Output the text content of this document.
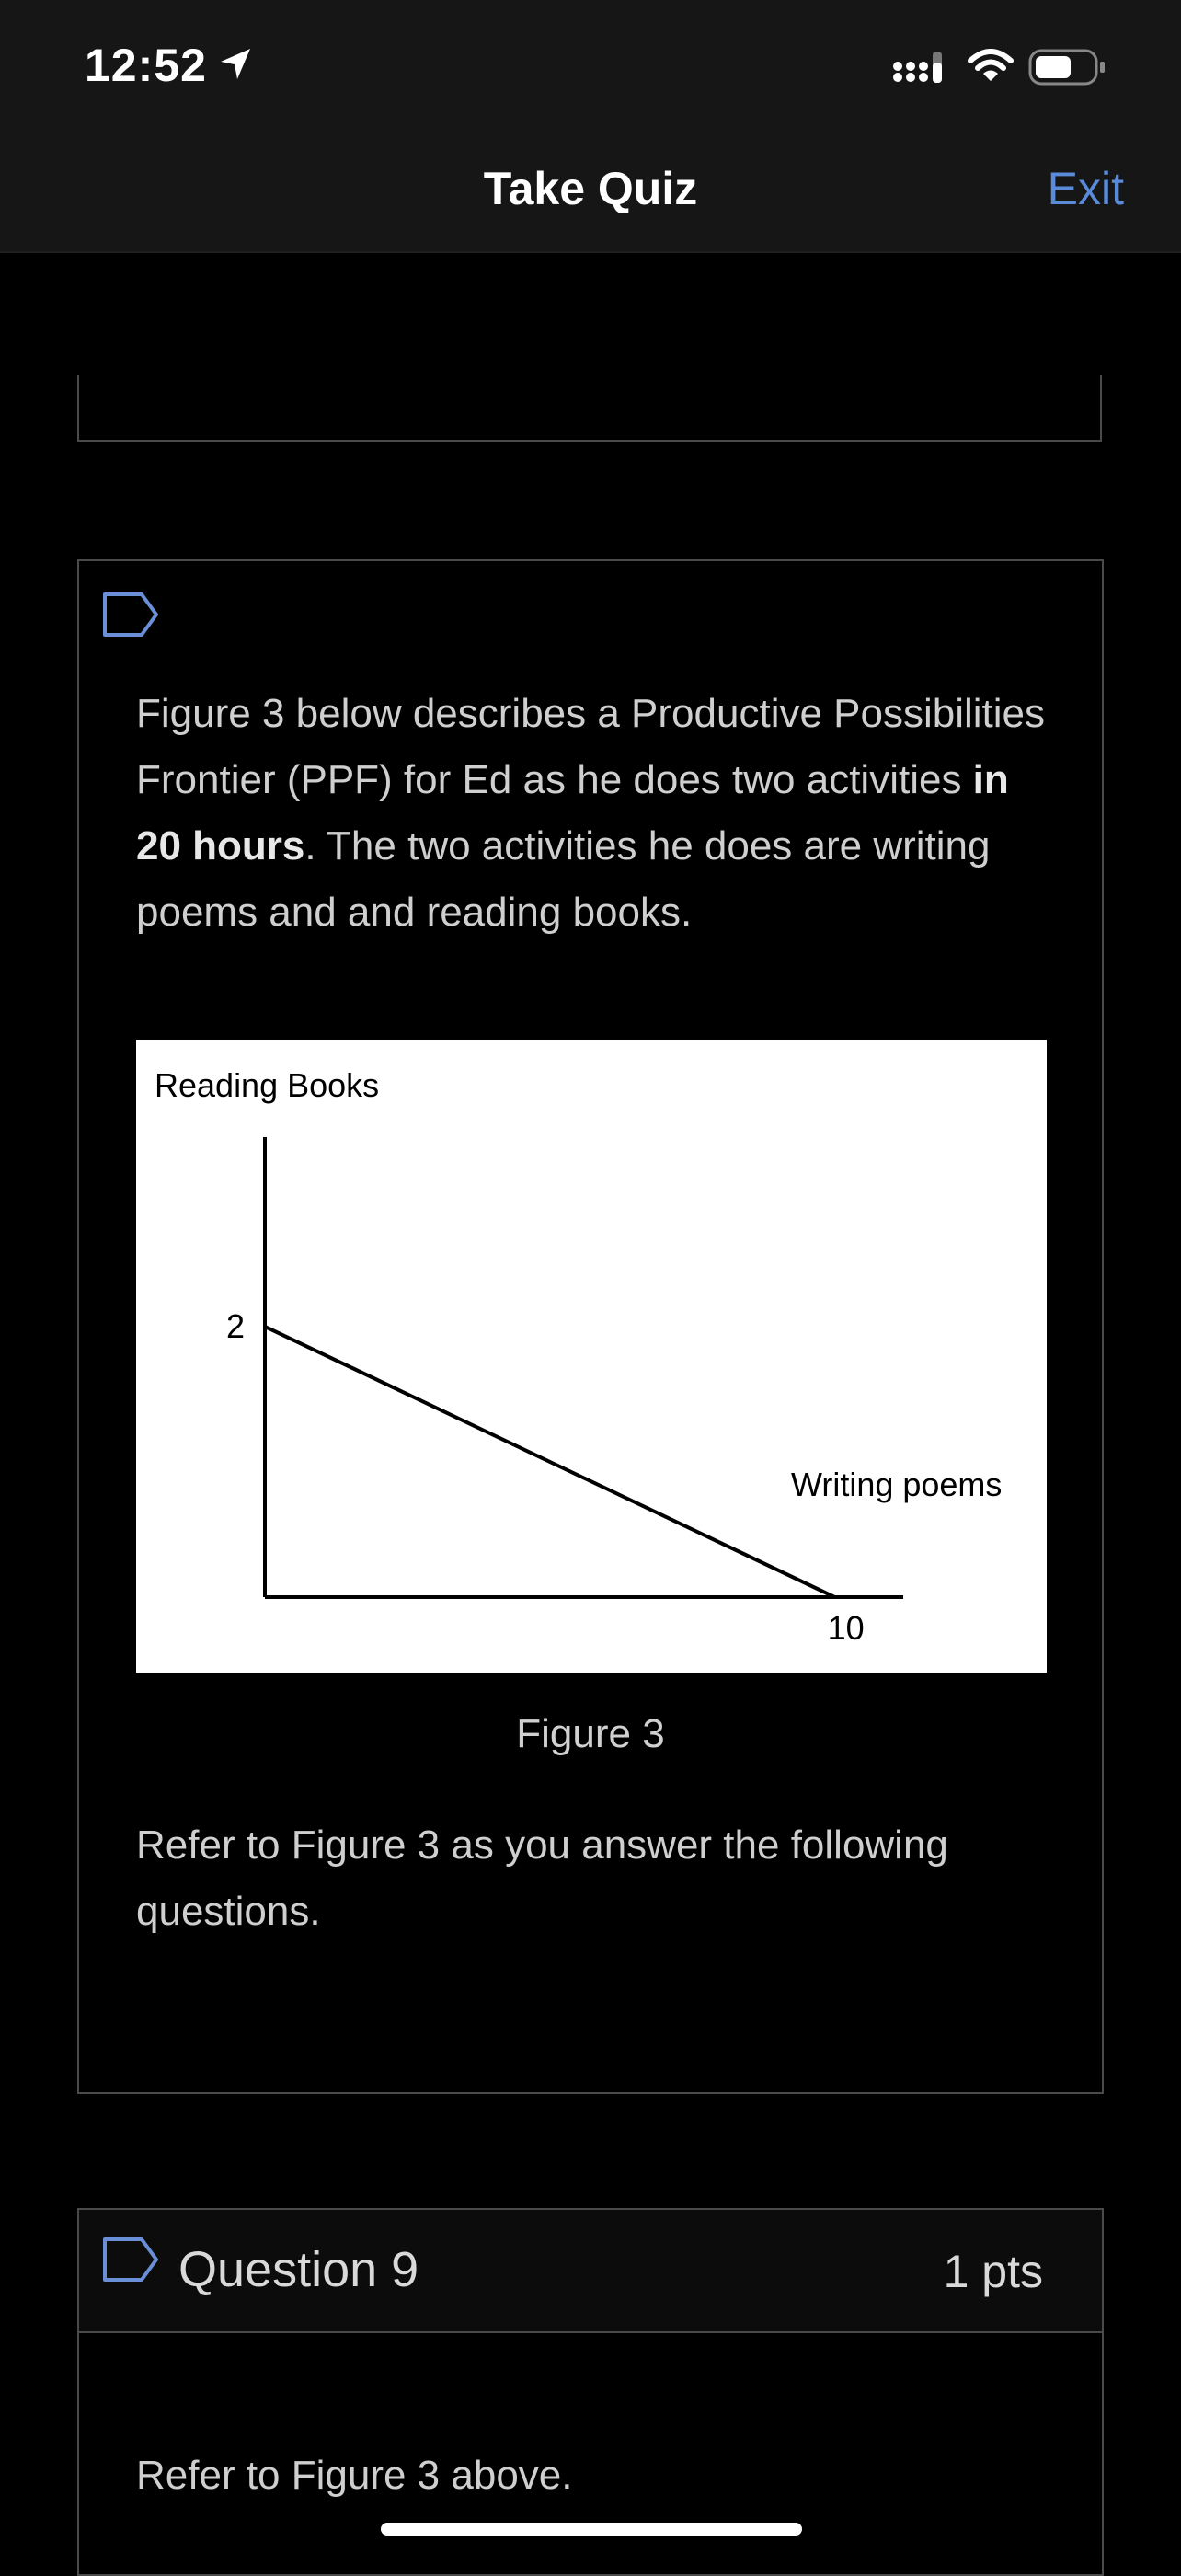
12:52
Take Quiz	Exit
Figure 3 below describes a Productive Possibilities Frontier (PPF) for Ed as he does two activities in 20 hours. The two activities he does are writing poems and and reading books.
Reading Books
2
10
Writing poems
Figure 3
Refer to Figure 3 as you answer the following questions.
Question 9	1 pts
Refer to Figure 3 above.
